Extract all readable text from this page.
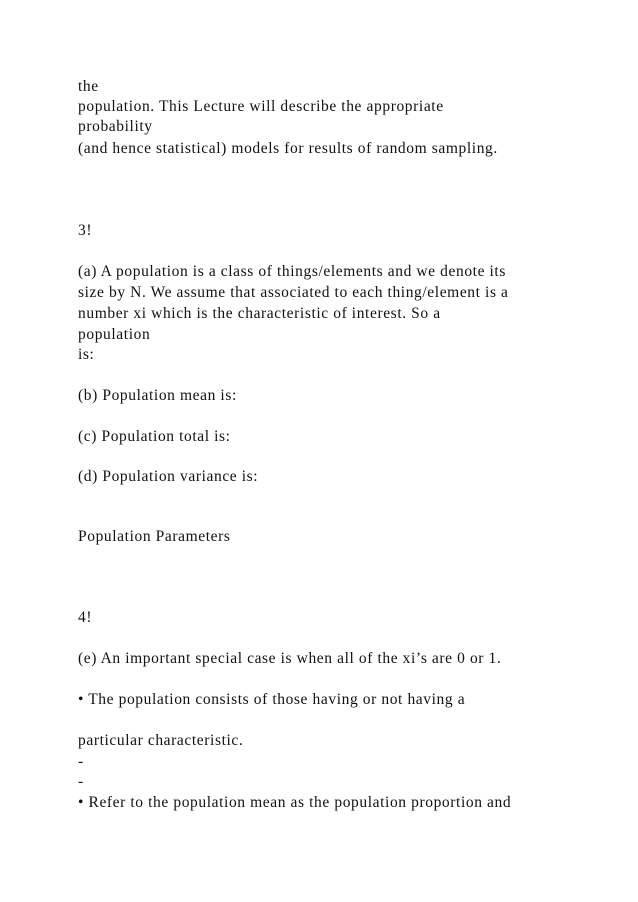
the
population. This Lecture will describe the appropriate
probability
(and hence statistical) models for results of random sampling.
3!
(a) A population is a class of things/elements and we denote its
size by N. We assume that associated to each thing/element is a
number xi which is the characteristic of interest. So a
population
is:
(b) Population mean is:
(c) Population total is:
(d) Population variance is:
Population Parameters
4!
(e) An important special case is when all of the xi’s are 0 or 1.
• The population consists of those having or not having a
particular characteristic.
-
-
• Refer to the population mean as the population proportion and
